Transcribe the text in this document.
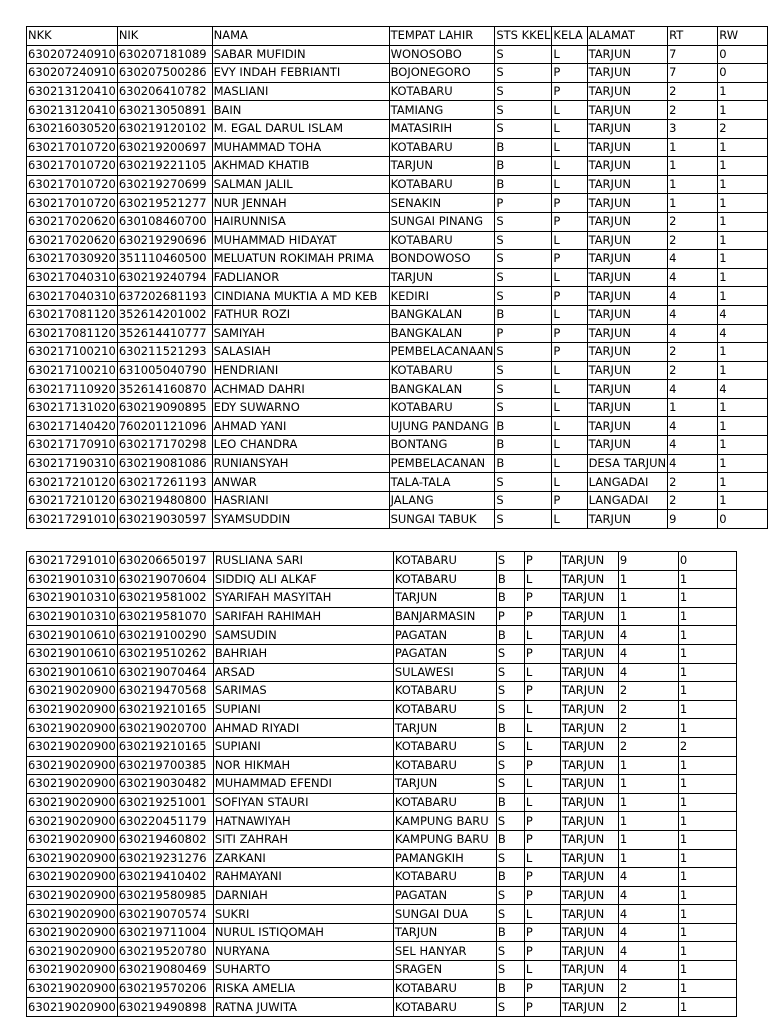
NKK	NIK	NAMA	TEMPAT LAHIR	STS KKEL	KELA	ALAMAT	RT	RW
630207240910	630207181089	SABAR MUFIDIN	WONOSOBO	S	L	TARJUN	7	0
630207240910	630207500286	EVY INDAH FEBRIANTI	BOJONEGORO	S	P	TARJUN	7	0
630213120410	630206410782	MASLIANI	KOTABARU	S	P	TARJUN	2	1
630213120410	630213050891	BAIN	TAMIANG	S	L	TARJUN	2	1
630216030520	630219120102	M. EGAL DARUL ISLAM	MATASIRIH	S	L	TARJUN	3	2
630217010720	630219200697	MUHAMMAD TOHA	KOTABARU	B	L	TARJUN	1	1
630217010720	630219221105	AKHMAD KHATIB	TARJUN	B	L	TARJUN	1	1
630217010720	630219270699	SALMAN JALIL	KOTABARU	B	L	TARJUN	1	1
630217010720	630219521277	NUR JENNAH	SENAKIN	P	P	TARJUN	1	1
630217020620	630108460700	HAIRUNNISA	SUNGAI PINANG	S	P	TARJUN	2	1
630217020620	630219290696	MUHAMMAD HIDAYAT	KOTABARU	S	L	TARJUN	2	1
630217030920	351110460500	MELUATUN ROKIMAH PRIMA	BONDOWOSO	S	P	TARJUN	4	1
630217040310	630219240794	FADLIANOR	TARJUN	S	L	TARJUN	4	1
630217040310	637202681193	CINDIANA MUKTIA A MD KEB	KEDIRI	S	P	TARJUN	4	1
630217081120	352614201002	FATHUR ROZI	BANGKALAN	B	L	TARJUN	4	4
630217081120	352614410777	SAMIYAH	BANGKALAN	P	P	TARJUN	4	4
630217100210	630211521293	SALASIAH	PEMBELACANAAN	S	P	TARJUN	2	1
630217100210	631005040790	HENDRIANI	KOTABARU	S	L	TARJUN	2	1
630217110920	352614160870	ACHMAD DAHRI	BANGKALAN	S	L	TARJUN	4	4
630217131020	630219090895	EDY SUWARNO	KOTABARU	S	L	TARJUN	1	1
630217140420	760201121096	AHMAD YANI	UJUNG PANDANG	B	L	TARJUN	4	1
630217170910	630217170298	LEO CHANDRA	BONTANG	B	L	TARJUN	4	1
630217190310	630219081086	RUNIANSYAH	PEMBELACANAN	B	L	DESA TARJUN	4	1
630217210120	630217261193	ANWAR	TALA-TALA	S	L	LANGADAI	2	1
630217210120	630219480800	HASRIANI	JALANG	S	P	LANGADAI	2	1
630217291010	630219030597	SYAMSUDDIN	SUNGAI TABUK	S	L	TARJUN	9	0
630217291010	630206650197	RUSLIANA SARI	KOTABARU	S	P	TARJUN	9	0
630219010310	630219070604	SIDDIQ ALI ALKAF	KOTABARU	B	L	TARJUN	1	1
630219010310	630219581002	SYARIFAH MASYITAH	TARJUN	B	P	TARJUN	1	1
630219010310	630219581070	SARIFAH RAHIMAH	BANJARMASIN	P	P	TARJUN	1	1
630219010610	630219100290	SAMSUDIN	PAGATAN	B	L	TARJUN	4	1
630219010610	630219510262	BAHRIAH	PAGATAN	S	P	TARJUN	4	1
630219010610	630219070464	ARSAD	SULAWESI	S	L	TARJUN	4	1
630219020900	630219470568	SARIMAS	KOTABARU	S	P	TARJUN	2	1
630219020900	630219210165	SUPIANI	KOTABARU	S	L	TARJUN	2	1
630219020900	630219020700	AHMAD RIYADI	TARJUN	B	L	TARJUN	2	1
630219020900	630219210165	SUPIANI	KOTABARU	S	L	TARJUN	2	2
630219020900	630219700385	NOR HIKMAH	KOTABARU	S	P	TARJUN	1	1
630219020900	630219030482	MUHAMMAD EFENDI	TARJUN	S	L	TARJUN	1	1
630219020900	630219251001	SOFIYAN STAURI	KOTABARU	B	L	TARJUN	1	1
630219020900	630220451179	HATNAWIYAH	KAMPUNG BARU	S	P	TARJUN	1	1
630219020900	630219460802	SITI ZAHRAH	KAMPUNG BARU	B	P	TARJUN	1	1
630219020900	630219231276	ZARKANI	PAMANGKIH	S	L	TARJUN	1	1
630219020900	630219410402	RAHMAYANI	KOTABARU	B	P	TARJUN	4	1
630219020900	630219580985	DARNIAH	PAGATAN	S	P	TARJUN	4	1
630219020900	630219070574	SUKRI	SUNGAI DUA	S	L	TARJUN	4	1
630219020900	630219711004	NURUL ISTIQOMAH	TARJUN	B	P	TARJUN	4	1
630219020900	630219520780	NURYANA	SEL HANYAR	S	P	TARJUN	4	1
630219020900	630219080469	SUHARTO	SRAGEN	S	L	TARJUN	4	1
630219020900	630219570206	RISKA AMELIA	KOTABARU	B	P	TARJUN	2	1
630219020900	630219490898	RATNA JUWITA	KOTABARU	S	P	TARJUN	2	1
